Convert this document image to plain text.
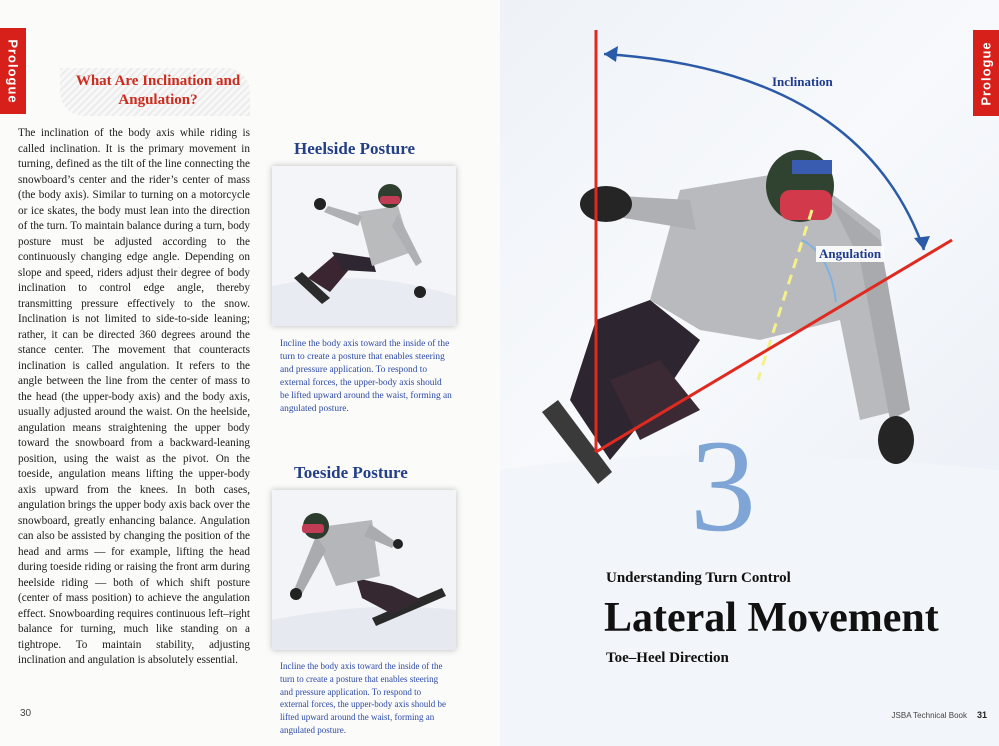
Prologue	What Are Inclination and Angulation?

The inclination of the body axis while riding is called inclination. It is the primary movement in turning, defined as the tilt of the line connecting the snowboard’s center and the rider’s center of mass (the body axis). Similar to turning on a motorcycle or ice skates, the body must lean into the direction of the turn. To maintain balance during a turn, body posture must be adjusted according to the continuously changing edge angle. Depending on slope and speed, riders adjust their degree of body inclination to control edge angle, thereby transmitting pressure effectively to the snow. Inclination is not limited to side-to-side leaning; rather, it can be directed 360 degrees around the stance center. The movement that counteracts inclination is called angulation. It refers to the angle between the line from the center of mass to the head (the upper-body axis) and the body axis, usually adjusted around the waist. On the heelside, angulation means straightening the upper body toward the snowboard from a backward-leaning position, using the waist as the pivot. On the toeside, angulation means lifting the upper-body axis upward from the knees. In both cases, angulation brings the upper body axis back over the snowboard, greatly enhancing balance. Angulation can also be assisted by changing the position of the head and arms — for example, lifting the head during toeside riding or raising the front arm during heelside riding — both of which shift posture (center of mass position) to achieve the angulation effect. Snowboarding requires continuous left–right balance for turning, much like standing on a tightrope. To maintain stability, adjusting inclination and angulation is absolutely essential.

30
Heelside Posture

Incline the body axis toward the inside of the turn to create a posture that enables steering and pressure application. To respond to external forces, the upper-body axis should be lifted upward around the waist, forming an angulated posture.

Toeside Posture

Incline the body axis toward the inside of the turn to create a posture that enables steering and pressure application. To respond to external forces, the upper-body axis should be lifted upward around the waist, forming an angulated posture.

Prologue
Inclination
Angulation
3
Understanding Turn Control
Lateral Movement
Toe–Heel Direction
JSBA Technical Book 31
